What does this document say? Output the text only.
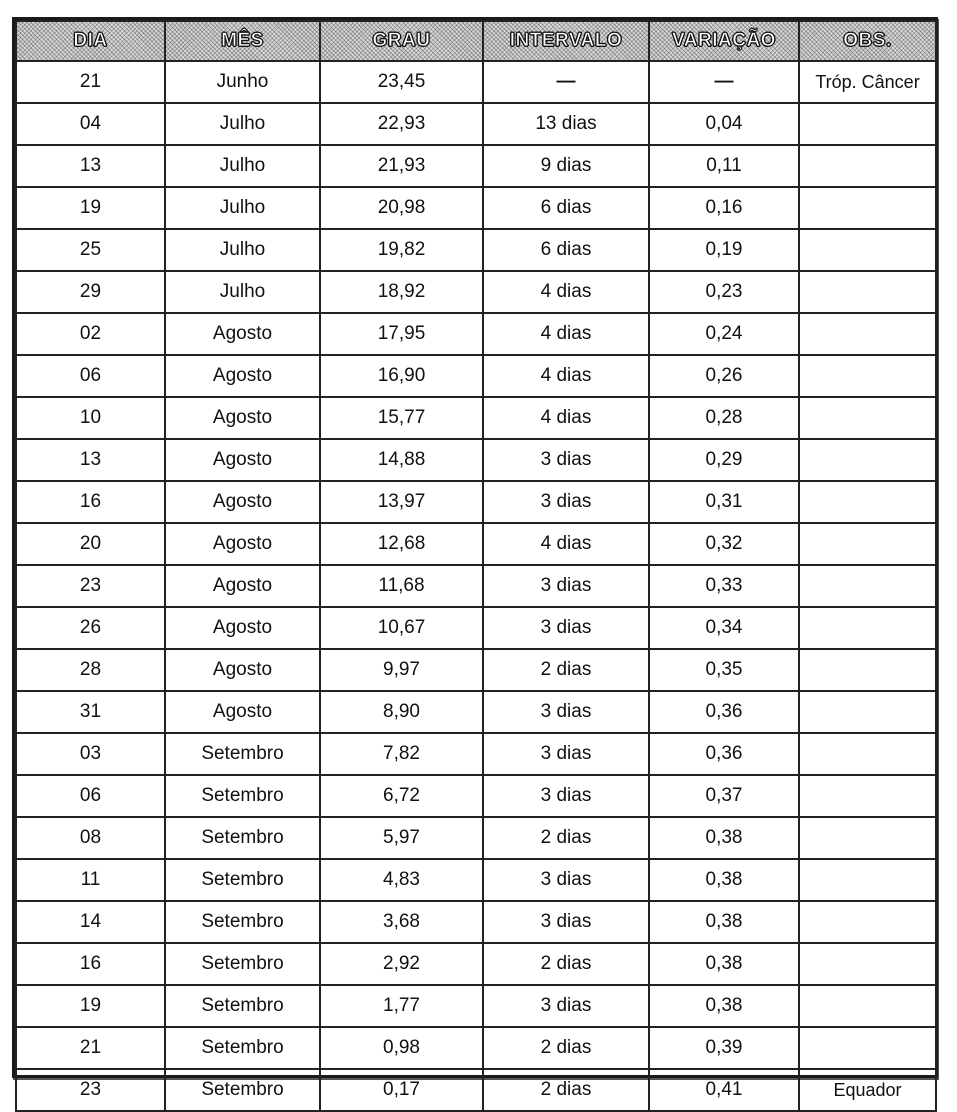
DIA	MÊS	GRAU	INTERVALO	VARIAÇÃO	OBS.
21	Junho	23,45	—	—	Tróp. Câncer
04	Julho	22,93	13 dias	0,04	
13	Julho	21,93	9 dias	0,11	
19	Julho	20,98	6 dias	0,16	
25	Julho	19,82	6 dias	0,19	
29	Julho	18,92	4 dias	0,23	
02	Agosto	17,95	4 dias	0,24	
06	Agosto	16,90	4 dias	0,26	
10	Agosto	15,77	4 dias	0,28	
13	Agosto	14,88	3 dias	0,29	
16	Agosto	13,97	3 dias	0,31	
20	Agosto	12,68	4 dias	0,32	
23	Agosto	11,68	3 dias	0,33	
26	Agosto	10,67	3 dias	0,34	
28	Agosto	9,97	2 dias	0,35	
31	Agosto	8,90	3 dias	0,36	
03	Setembro	7,82	3 dias	0,36	
06	Setembro	6,72	3 dias	0,37	
08	Setembro	5,97	2 dias	0,38	
11	Setembro	4,83	3 dias	0,38	
14	Setembro	3,68	3 dias	0,38	
16	Setembro	2,92	2 dias	0,38	
19	Setembro	1,77	3 dias	0,38	
21	Setembro	0,98	2 dias	0,39	
23	Setembro	0,17	2 dias	0,41	Equador
